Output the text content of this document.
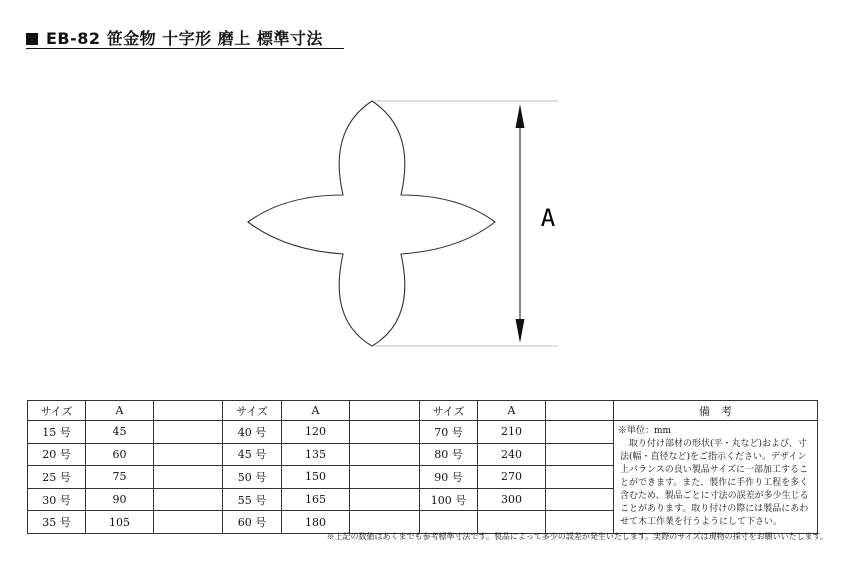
EB-82 笹金物 十字形 磨上 標準寸法
A
サイズ	A		サイズ	A		サイズ	A		備　考
15 号	45		40 号	120		70 号	210		※単位：mm
取り付け部材の形状(平・丸など)および、寸法(幅・直径など)をご指示ください。デザイン上バランスの良い製品サイズに一部加工することができます。また、製作に手作り工程を多く含むため、製品ごとに寸法の誤差が多少生じることがあります。取り付けの際には製品にあわせて木工作業を行うようにして下さい。

20 号	60		45 号	135		80 号	240		
25 号	75		50 号	150		90 号	270		
30 号	90		55 号	165		100 号	300		
35 号	105		60 号	180					
※上記の数値はあくまでも参考標準寸法です。製品によって多少の誤差が発生いたします。実際のサイズは現物の採寸をお願いいたします。
